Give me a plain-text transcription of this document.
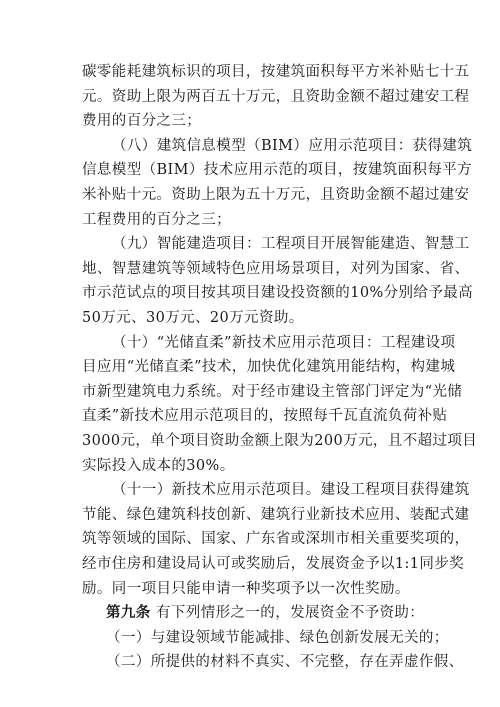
碳零能耗建筑标识的项目，按建筑面积每平方米补贴七十五
元。资助上限为两百五十万元，且资助金额不超过建安工程
费用的百分之三；
（八）建筑信息模型（BIM）应用示范项目：获得建筑
信息模型（BIM）技术应用示范的项目，按建筑面积每平方
米补贴十元。资助上限为五十万元，且资助金额不超过建安
工程费用的百分之三；
（九）智能建造项目：工程项目开展智能建造、智慧工
地、智慧建筑等领域特色应用场景项目，对列为国家、省、
市示范试点的项目按其项目建设投资额的10%分别给予最高
50万元、30万元、20万元资助。
（十）“光储直柔”新技术应用示范项目：工程建设项
目应用“光储直柔”技术，加快优化建筑用能结构，构建城
市新型建筑电力系统。对于经市建设主管部门评定为“光储
直柔”新技术应用示范项目的，按照每千瓦直流负荷补贴
3000元，单个项目资助金额上限为200万元，且不超过项目
实际投入成本的30%。
（十一）新技术应用示范项目。建设工程项目获得建筑
节能、绿色建筑科技创新、建筑行业新技术应用、装配式建
筑等领域的国际、国家、广东省或深圳市相关重要奖项的，
经市住房和建设局认可或奖励后，发展资金予以1:1同步奖
第九条 有下列情形之一的，发展资金不予资助：
（一）与建设领域节能减排、绿色创新发展无关的；
（二）所提供的材料不真实、不完整，存在弄虚作假、
励。同一项目只能申请一种奖项予以一次性奖励。
